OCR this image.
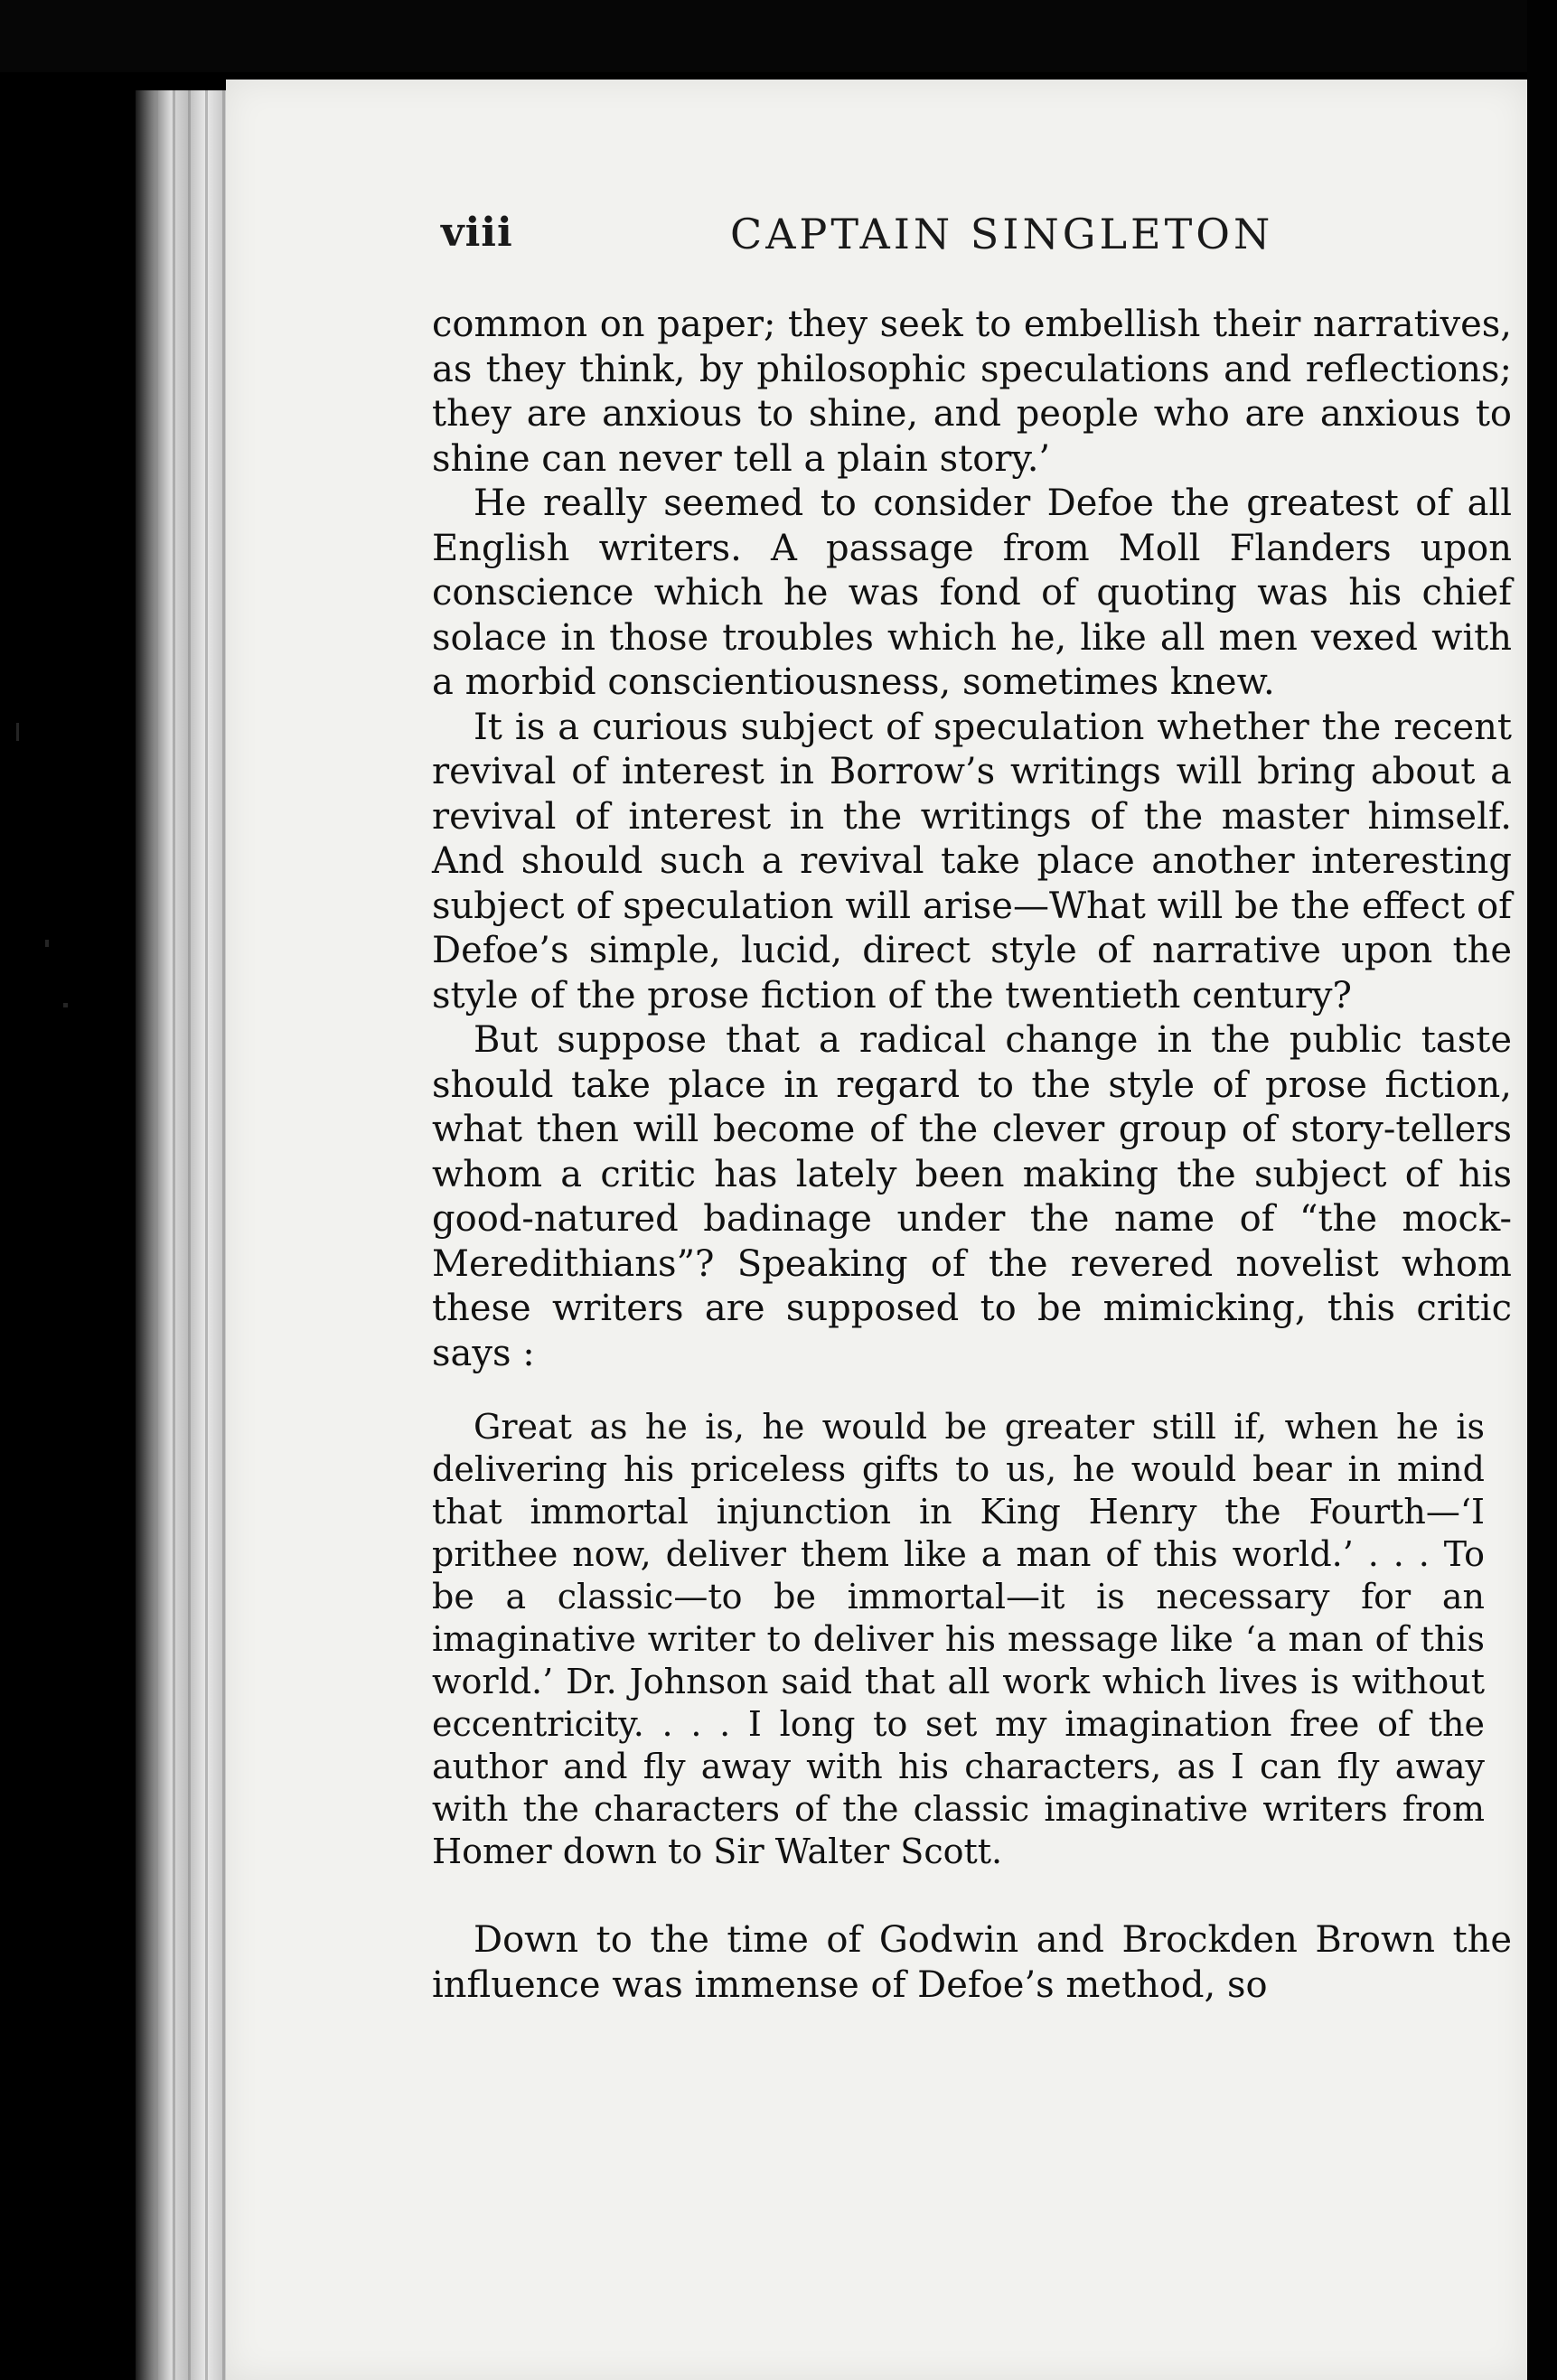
viii	CAPTAIN SINGLETON

common on paper; they seek to embellish their narratives, as they think, by philosophic speculations and reflections; they are anxious to shine, and people who are anxious to shine can never tell a plain story.’

He really seemed to consider Defoe the greatest of all English writers. A passage from Moll Flanders upon conscience which he was fond of quoting was his chief solace in those troubles which he, like all men vexed with a morbid conscientiousness, sometimes knew.

It is a curious subject of speculation whether the recent revival of interest in Borrow’s writings will bring about a revival of interest in the writings of the master himself. And should such a revival take place another interesting subject of speculation will arise—What will be the effect of Defoe’s simple, lucid, direct style of narrative upon the style of the prose fiction of the twentieth century?

But suppose that a radical change in the public taste should take place in regard to the style of prose fiction, what then will become of the clever group of story-tellers whom a critic has lately been making the subject of his good-natured badinage under the name of “the mock-Meredithians”? Speaking of the revered novelist whom these writers are supposed to be mimicking, this critic says :

Great as he is, he would be greater still if, when he is delivering his priceless gifts to us, he would bear in mind that immortal injunction in King Henry the Fourth—‘I prithee now, deliver them like a man of this world.’ . . . To be a classic—to be immortal—it is necessary for an imaginative writer to deliver his message like ‘a man of this world.’ Dr. Johnson said that all work which lives is without eccentricity. . . . I long to set my imagination free of the author and fly away with his characters, as I can fly away with the characters of the classic imaginative writers from Homer down to Sir Walter Scott.

Down to the time of Godwin and Brockden Brown the influence was immense of Defoe’s method, so
